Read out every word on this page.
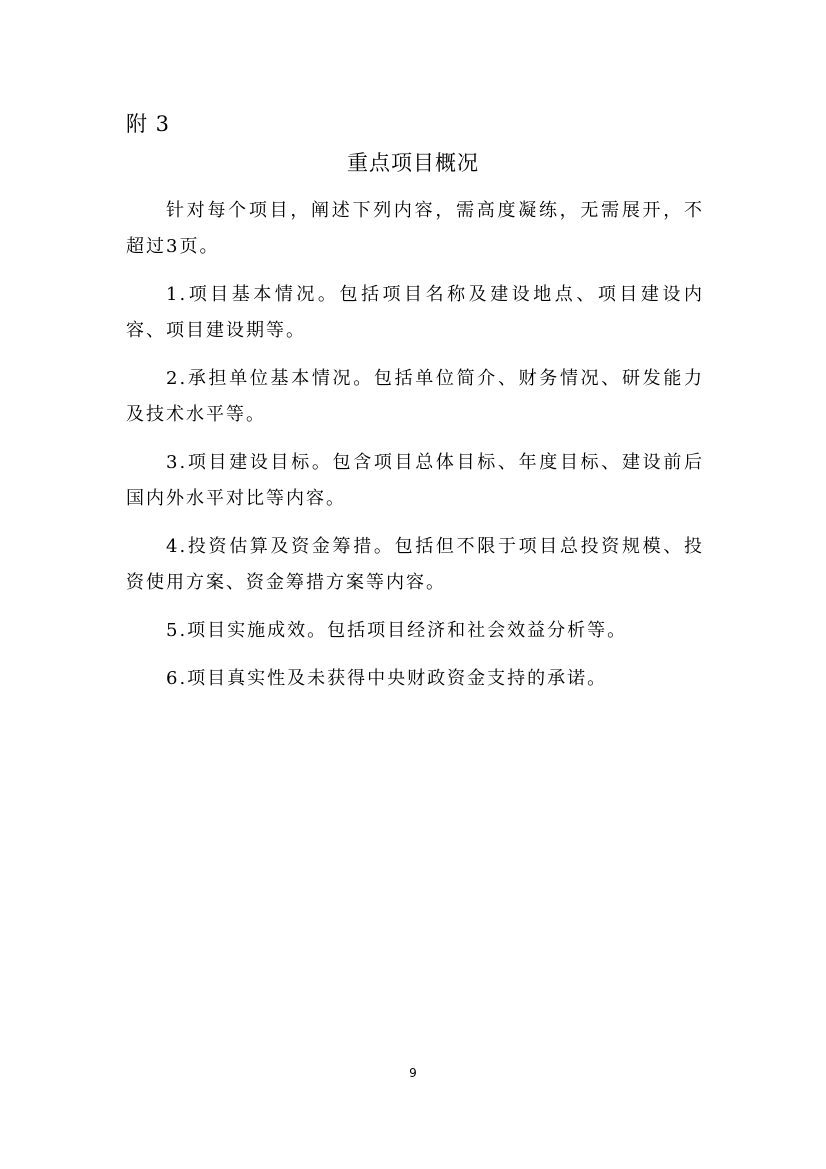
附 3
重点项目概况

针对每个项目，阐述下列内容，需高度凝练，无需展开，不超过3页。

1.项目基本情况。包括项目名称及建设地点、项目建设内容、项目建设期等。

2.承担单位基本情况。包括单位简介、财务情况、研发能力及技术水平等。

3.项目建设目标。包含项目总体目标、年度目标、建设前后国内外水平对比等内容。

4.投资估算及资金筹措。包括但不限于项目总投资规模、投资使用方案、资金筹措方案等内容。

5.项目实施成效。包括项目经济和社会效益分析等。

6.项目真实性及未获得中央财政资金支持的承诺。

9
